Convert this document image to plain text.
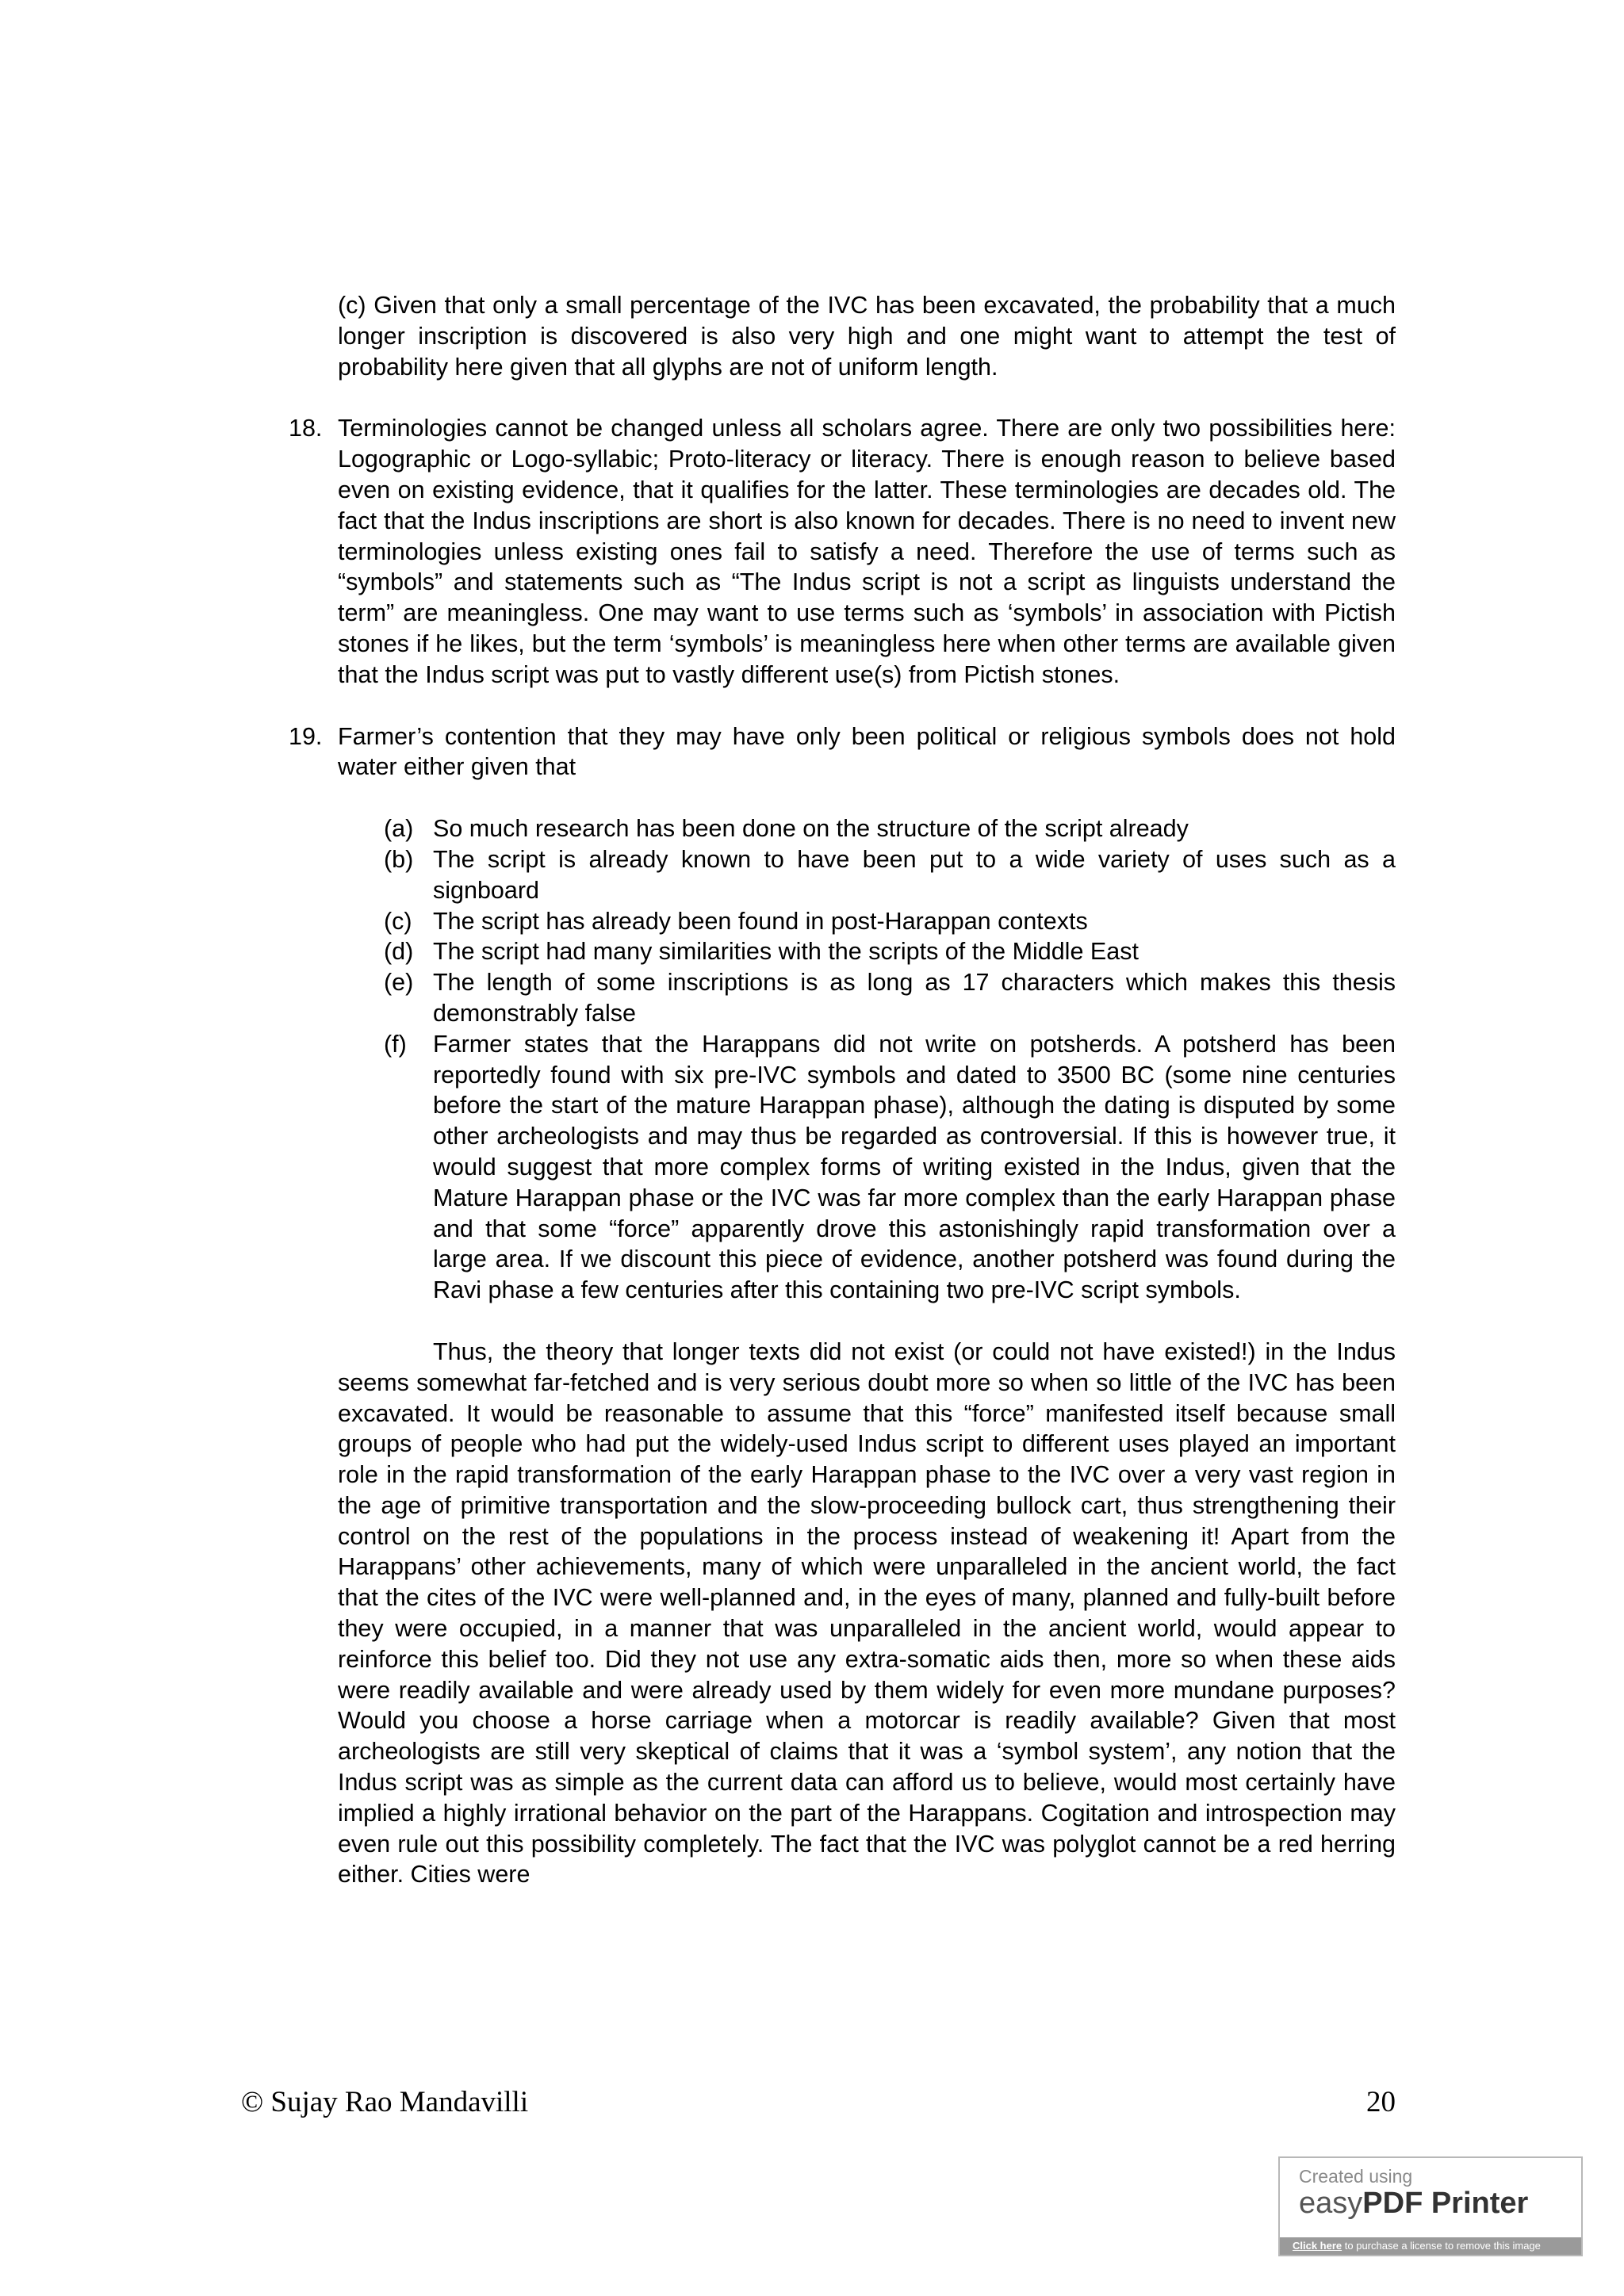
(c) Given that only a small percentage of the IVC has been excavated, the probability that a much longer inscription is discovered is also very high and one might want to attempt the test of probability here given that all glyphs are not of uniform length.

18. Terminologies cannot be changed unless all scholars agree. There are only two possibilities here: Logographic or Logo-syllabic; Proto-literacy or literacy. There is enough reason to believe based even on existing evidence, that it qualifies for the latter. These terminologies are decades old. The fact that the Indus inscriptions are short is also known for decades. There is no need to invent new terminologies unless existing ones fail to satisfy a need. Therefore the use of terms such as “symbols” and statements such as “The Indus script is not a script as linguists understand the term” are meaningless. One may want to use terms such as ‘symbols’ in association with Pictish stones if he likes, but the term ‘symbols’ is meaningless here when other terms are available given that the Indus script was put to vastly different use(s) from Pictish stones.
19. Farmer’s contention that they may have only been political or religious symbols does not hold water either given that
(a) So much research has been done on the structure of the script already
(b) The script is already known to have been put to a wide variety of uses such as a signboard
(c) The script has already been found in post-Harappan contexts
(d) The script had many similarities with the scripts of the Middle East
(e) The length of some inscriptions is as long as 17 characters which makes this thesis demonstrably false
(f) Farmer states that the Harappans did not write on potsherds. A potsherd has been reportedly found with six pre-IVC symbols and dated to 3500 BC (some nine centuries before the start of the mature Harappan phase), although the dating is disputed by some other archeologists and may thus be regarded as controversial. If this is however true, it would suggest that more complex forms of writing existed in the Indus, given that the Mature Harappan phase or the IVC was far more complex than the early Harappan phase and that some “force” apparently drove this astonishingly rapid transformation over a large area. If we discount this piece of evidence, another potsherd was found during the Ravi phase a few centuries after this containing two pre-IVC script symbols.

Thus, the theory that longer texts did not exist (or could not have existed!) in the Indus seems somewhat far-fetched and is very serious doubt more so when so little of the IVC has been excavated. It would be reasonable to assume that this “force” manifested itself because small groups of people who had put the widely-used Indus script to different uses played an important role in the rapid transformation of the early Harappan phase to the IVC over a very vast region in the age of primitive transportation and the slow-proceeding bullock cart, thus strengthening their control on the rest of the populations in the process instead of weakening it! Apart from the Harappans’ other achievements, many of which were unparalleled in the ancient world, the fact that the cites of the IVC were well-planned and, in the eyes of many, planned and fully-built before they were occupied, in a manner that was unparalleled in the ancient world, would appear to reinforce this belief too. Did they not use any extra-somatic aids then, more so when these aids were readily available and were already used by them widely for even more mundane purposes? Would you choose a horse carriage when a motorcar is readily available? Given that most archeologists are still very skeptical of claims that it was a ‘symbol system’, any notion that the Indus script was as simple as the current data can afford us to believe, would most certainly have implied a highly irrational behavior on the part of the Harappans. Cogitation and introspection may even rule out this possibility completely. The fact that the IVC was polyglot cannot be a red herring either. Cities were

© Sujay Rao Mandavilli	20
Created using
easyPDF Printer
Click here to purchase a license to remove this image
